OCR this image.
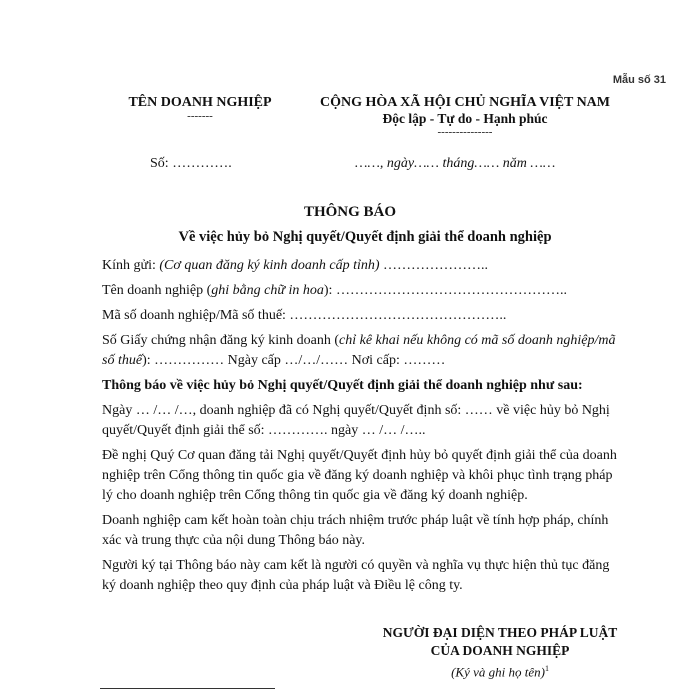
Mẫu số 31
TÊN DOANH NGHIỆP
-------
CỘNG HÒA XÃ HỘI CHỦ NGHĨA VIỆT NAM
Độc lập - Tự do - Hạnh phúc
---------------
Số: ………….	……, ngày…… tháng…… năm ……
THÔNG BÁO
Về việc hủy bỏ Nghị quyết/Quyết định giải thể doanh nghiệp

Kính gửi: (Cơ quan đăng ký kinh doanh cấp tỉnh) …………………..

Tên doanh nghiệp (ghi bằng chữ in hoa): …………………………………………..

Mã số doanh nghiệp/Mã số thuế: ………………………………………..

Số Giấy chứng nhận đăng ký kinh doanh (chỉ kê khai nếu không có mã số doanh nghiệp/mã số thuế): …………… Ngày cấp …/…/…… Nơi cấp: ………

Thông báo về việc hủy bỏ Nghị quyết/Quyết định giải thể doanh nghiệp như sau:

Ngày … /… /…, doanh nghiệp đã có Nghị quyết/Quyết định số: …… về việc hủy bỏ Nghị quyết/Quyết định giải thể số: …………. ngày … /… /…..

Đề nghị Quý Cơ quan đăng tải Nghị quyết/Quyết định hủy bỏ quyết định giải thể của doanh nghiệp trên Cổng thông tin quốc gia về đăng ký doanh nghiệp và khôi phục tình trạng pháp lý cho doanh nghiệp trên Cổng thông tin quốc gia về đăng ký doanh nghiệp.

Doanh nghiệp cam kết hoàn toàn chịu trách nhiệm trước pháp luật về tính hợp pháp, chính xác và trung thực của nội dung Thông báo này.

Người ký tại Thông báo này cam kết là người có quyền và nghĩa vụ thực hiện thủ tục đăng ký doanh nghiệp theo quy định của pháp luật và Điều lệ công ty.

NGƯỜI ĐẠI DIỆN THEO PHÁP LUẬT
CỦA DOANH NGHIỆP
(Ký và ghi họ tên)$^1$
